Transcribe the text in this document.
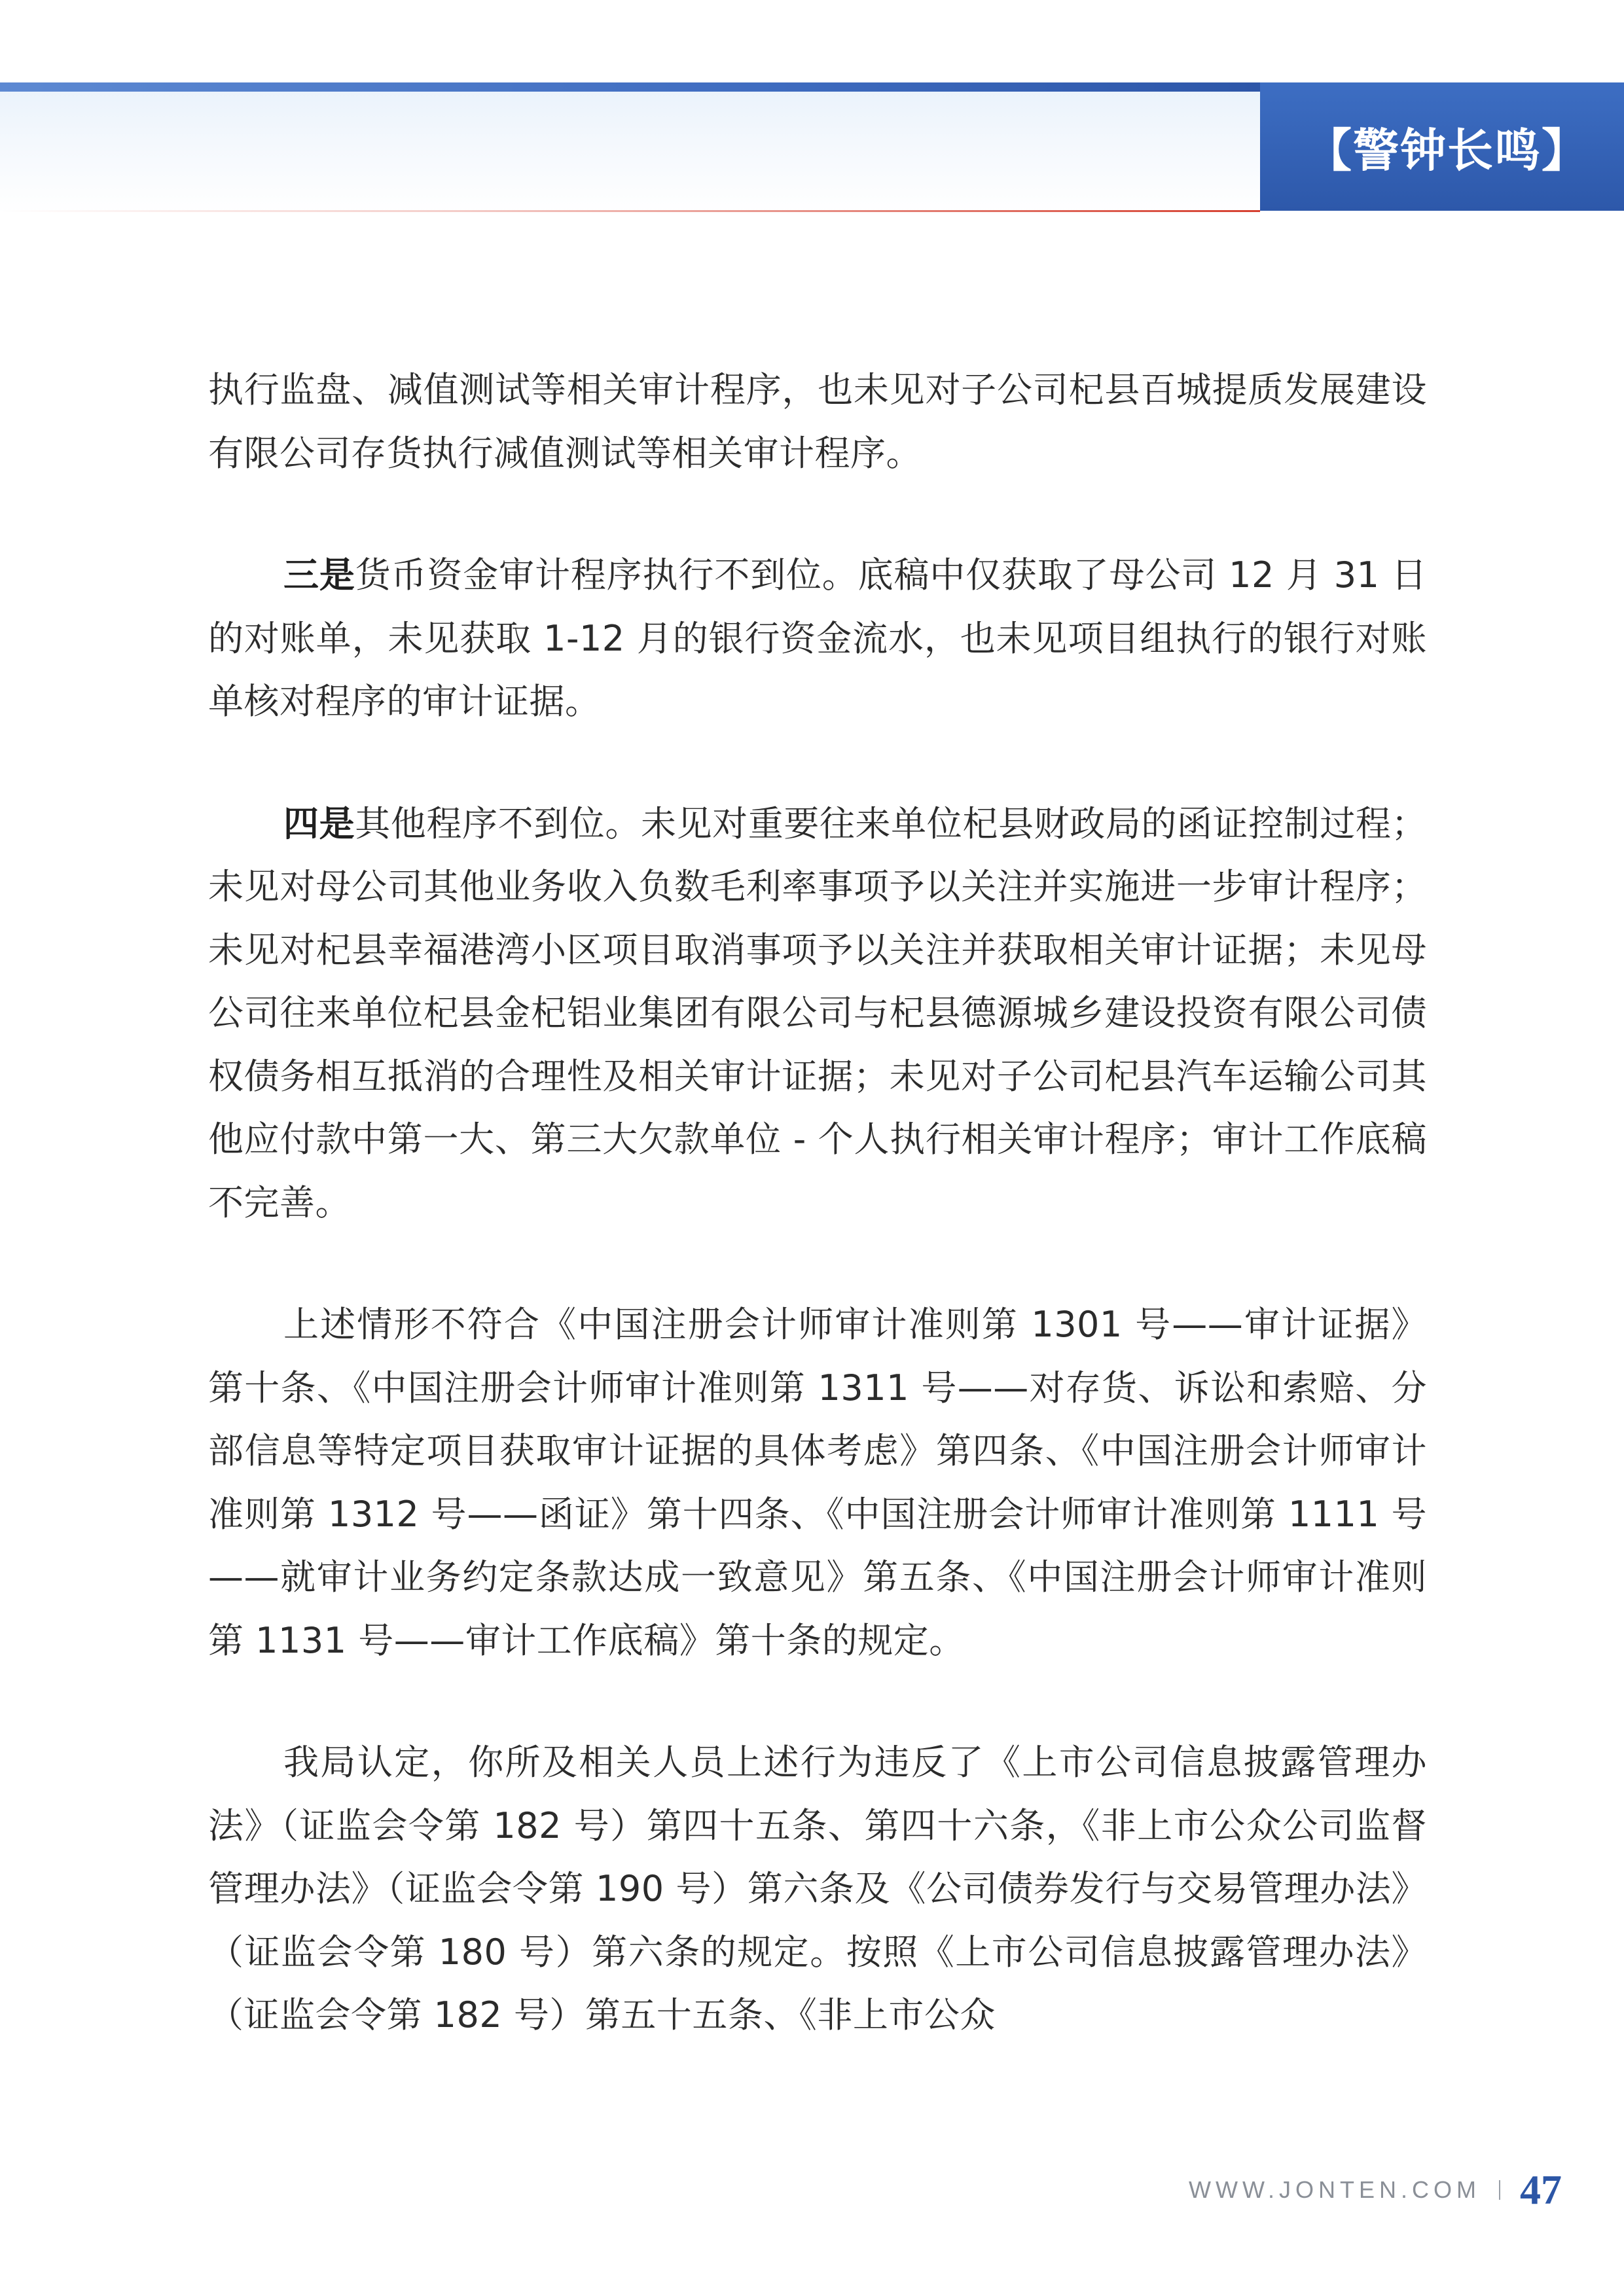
【警钟长鸣】

执行监盘、减值测试等相关审计程序，也未见对子公司杞县百城提质发展建设有限公司存货执行减值测试等相关审计程序。

三是货币资金审计程序执行不到位。底稿中仅获取了母公司 12 月 31 日的对账单，未见获取 1-12 月的银行资金流水，也未见项目组执行的银行对账单核对程序的审计证据。

四是其他程序不到位。未见对重要往来单位杞县财政局的函证控制过程；未见对母公司其他业务收入负数毛利率事项予以关注并实施进一步审计程序；未见对杞县幸福港湾小区项目取消事项予以关注并获取相关审计证据；未见母公司往来单位杞县金杞铝业集团有限公司与杞县德源城乡建设投资有限公司债权债务相互抵消的合理性及相关审计证据；未见对子公司杞县汽车运输公司其他应付款中第一大、第三大欠款单位 - 个人执行相关审计程序；审计工作底稿不完善。

上述情形不符合《中国注册会计师审计准则第 1301 号——审计证据》第十条、《中国注册会计师审计准则第 1311 号——对存货、诉讼和索赔、分部信息等特定项目获取审计证据的具体考虑》第四条、《中国注册会计师审计准则第 1312 号——函证》第十四条、《中国注册会计师审计准则第 1111 号——就审计业务约定条款达成一致意见》第五条、《中国注册会计师审计准则第 1131 号——审计工作底稿》第十条的规定。

我局认定，你所及相关人员上述行为违反了《上市公司信息披露管理办法》（证监会令第 182 号）第四十五条、第四十六条，《非上市公众公司监督管理办法》（证监会令第 190 号）第六条及《公司债券发行与交易管理办法》（证监会令第 180 号）第六条的规定。按照《上市公司信息披露管理办法》（证监会令第 182 号）第五十五条、《非上市公众

WWW.JONTEN.COM 47
